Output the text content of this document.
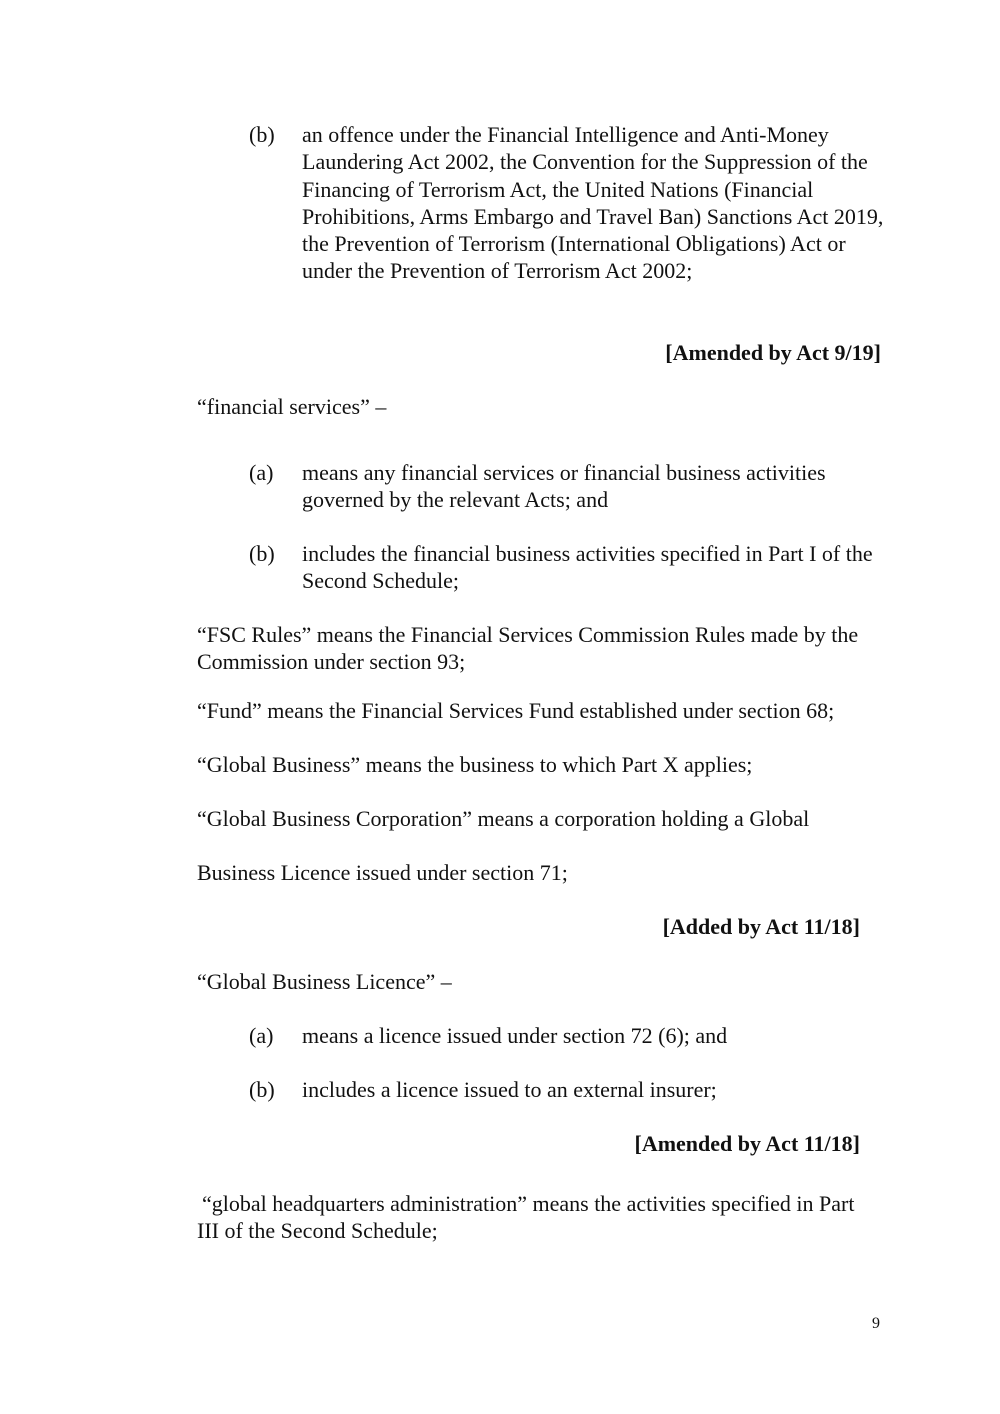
(b) an offence under the Financial Intelligence and Anti-Money Laundering Act 2002, the Convention for the Suppression of the Financing of Terrorism Act, the United Nations (Financial Prohibitions, Arms Embargo and Travel Ban) Sanctions Act 2019, the Prevention of Terrorism (International Obligations) Act or under the Prevention of Terrorism Act 2002;
[Amended by Act 9/19]
“financial services” –
(a) means any financial services or financial business activities governed by the relevant Acts; and
(b) includes the financial business activities specified in Part I of the Second Schedule;
“FSC Rules” means the Financial Services Commission Rules made by the Commission under section 93;
“Fund” means the Financial Services Fund established under section 68;
“Global Business” means the business to which Part X applies;
“Global Business Corporation” means a corporation holding a Global
Business Licence issued under section 71;
[Added by Act 11/18]
“Global Business Licence” –
(a) means a licence issued under section 72 (6); and
(b) includes a licence issued to an external insurer;
[Amended by Act 11/18]
“global headquarters administration” means the activities specified in Part III of the Second Schedule;
9
